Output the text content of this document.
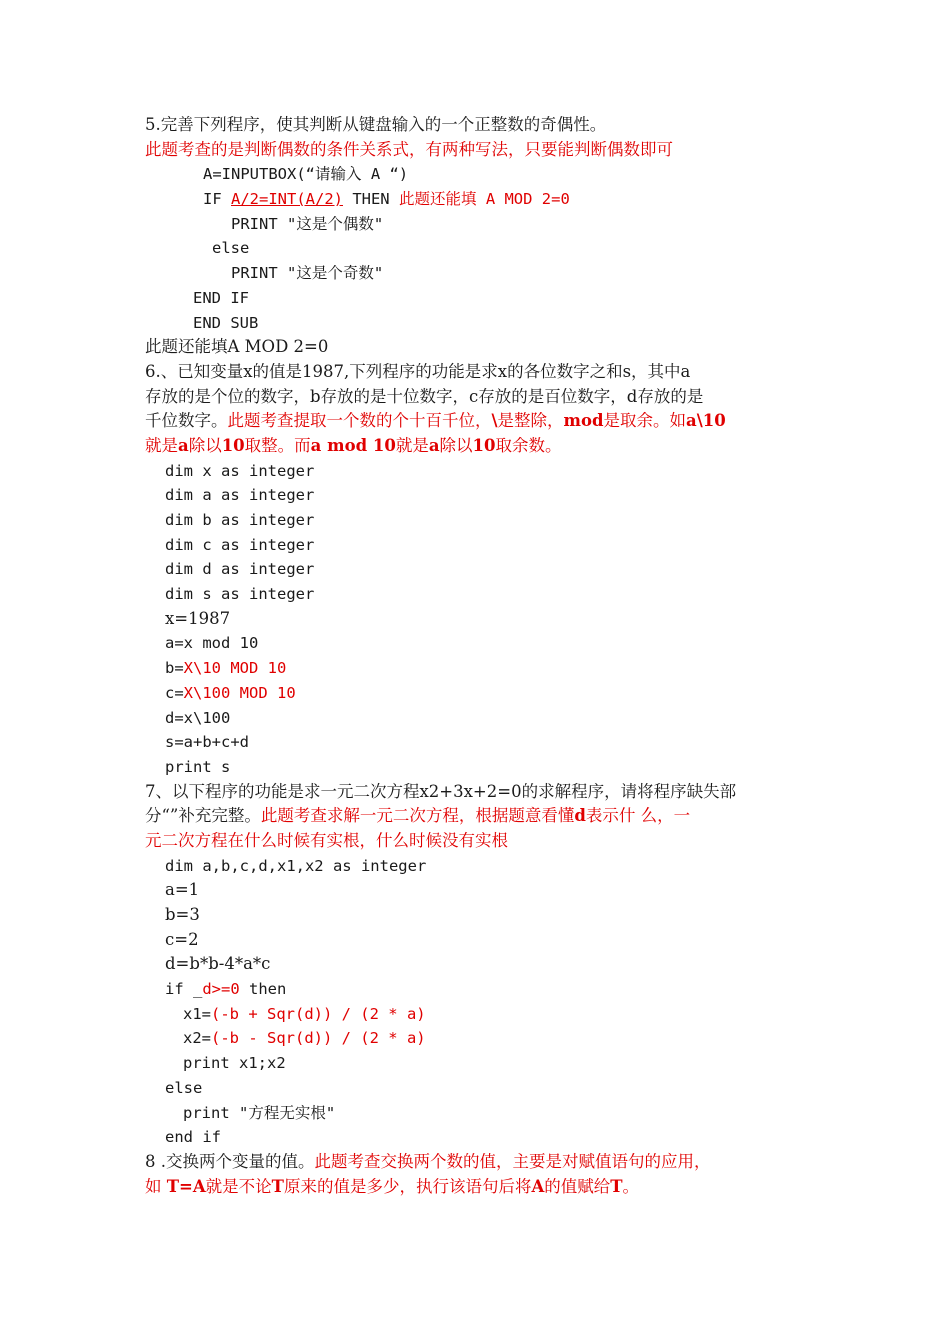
5.完善下列程序，使其判断从键盘输入的一个正整数的奇偶性。
此题考查的是判断偶数的条件关系式，有两种写法，只要能判断偶数即可
A=INPUTBOX(“请输入 A “)
IF A/2=INT(A/2) THEN 此题还能填 A MOD 2=0
PRINT "这是个偶数"
else
PRINT "这是个奇数"
END IF
END SUB
此题还能填A MOD 2=0
6.、已知变量x的值是1987,下列程序的功能是求x的各位数字之和s，其中a
存放的是个位的数字，b存放的是十位数字，c存放的是百位数字，d存放的是
千位数字。此题考查提取一个数的个十百千位，\是整除，mod是取余。如a\10
就是a除以10取整。而a mod 10就是a除以10取余数。
dim x as integer
dim a as integer
dim b as integer
dim c as integer
dim d as integer
dim s as integer
x=1987
a=x mod 10
b=X\10 MOD 10
c=X\100 MOD 10
d=x\100
s=a+b+c+d
print s
7、以下程序的功能是求一元二次方程x2+3x+2=0的求解程序，请将程序缺失部
分“”补充完整。此题考查求解一元二次方程，根据题意看懂d表示什 么，一
元二次方程在什么时候有实根，什么时候没有实根
dim a,b,c,d,x1,x2 as integer
a=1
b=3
c=2
d=b*b-4*a*c
if _d>=0 then
x1=(-b + Sqr(d)) / (2 * a)
x2=(-b - Sqr(d)) / (2 * a)
print x1;x2
else
print "方程无实根"
end if
8 .交换两个变量的值。此题考查交换两个数的值，主要是对赋值语句的应用，
如 T=A就是不论T原来的值是多少，执行该语句后将A的值赋给T。
